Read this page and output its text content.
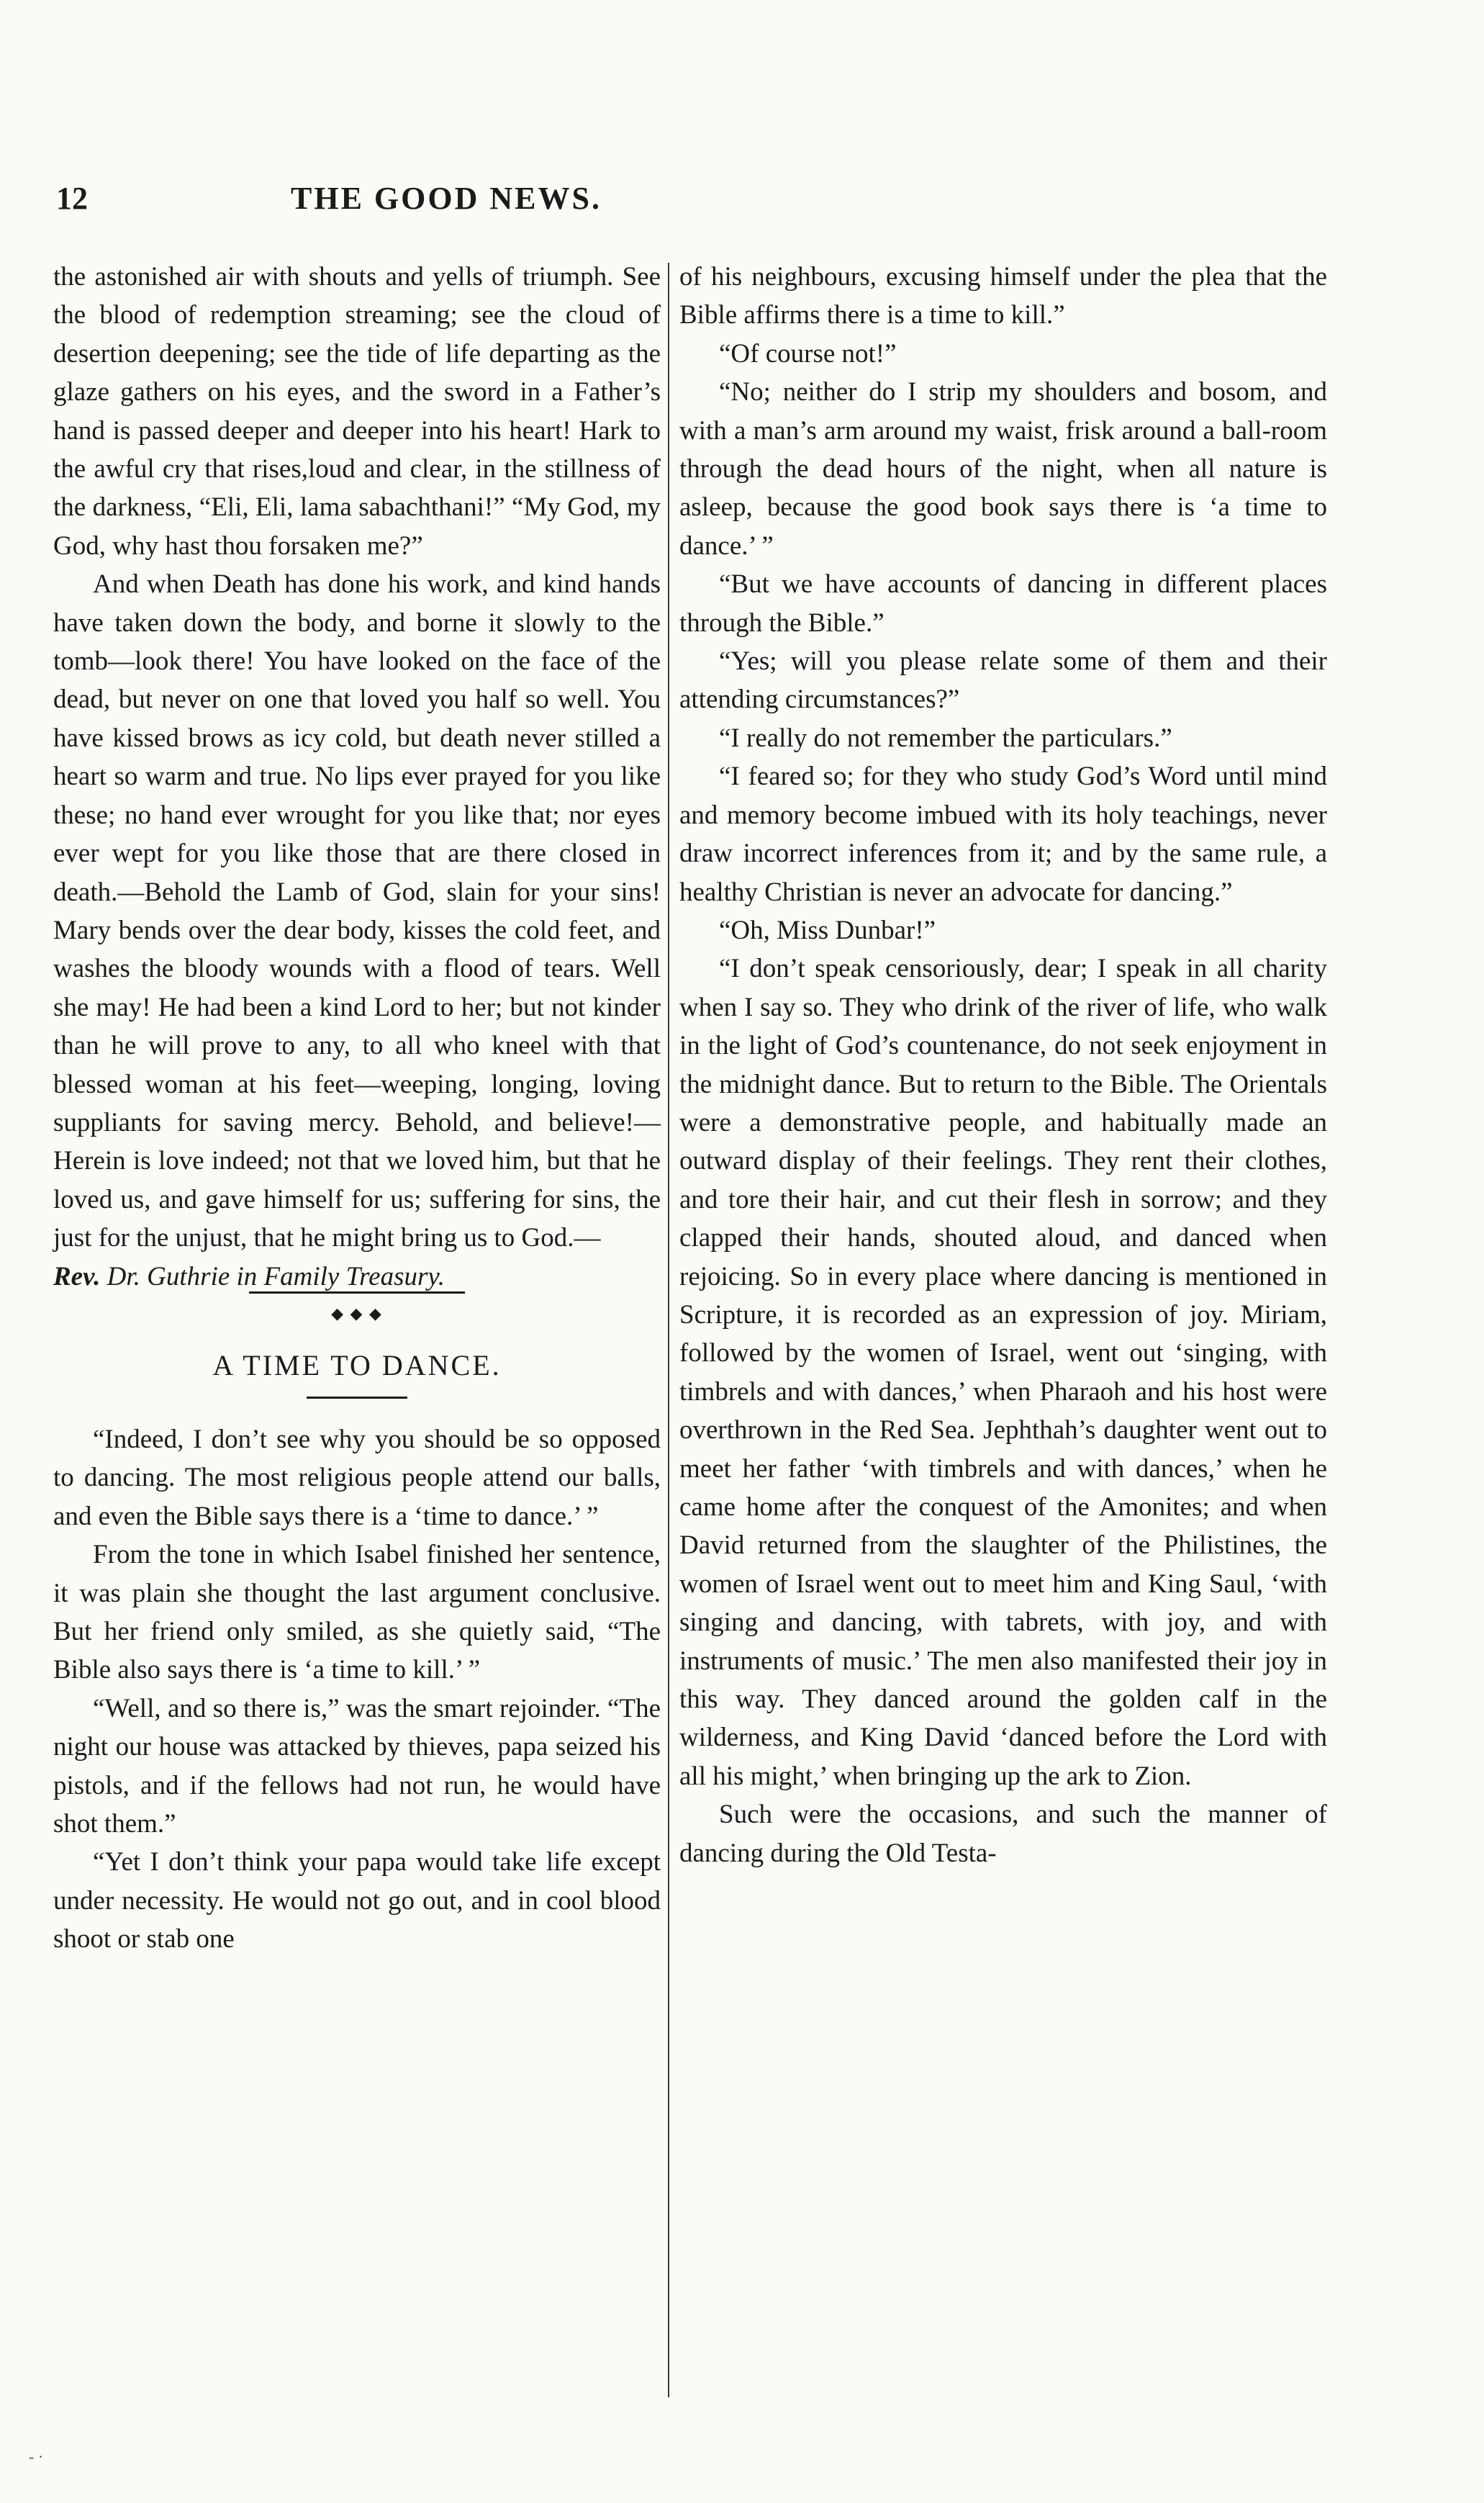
12	THE GOOD NEWS.

the astonished air with shouts and yells of triumph. See the blood of redemption streaming; see the cloud of desertion deepening; see the tide of life departing as the glaze gathers on his eyes, and the sword in a Father’s hand is passed deeper and deeper into his heart! Hark to the awful cry that rises,loud and clear, in the stillness of the darkness, “Eli, Eli, lama sabachthani!” “My God, my God, why hast thou forsaken me?”

And when Death has done his work, and kind hands have taken down the body, and borne it slowly to the tomb—look there! You have looked on the face of the dead, but never on one that loved you half so well. You have kissed brows as icy cold, but death never stilled a heart so warm and true. No lips ever prayed for you like these; no hand ever wrought for you like that; nor eyes ever wept for you like those that are there closed in death.—Behold the Lamb of God, slain for your sins! Mary bends over the dear body, kisses the cold feet, and washes the bloody wounds with a flood of tears. Well she may! He had been a kind Lord to her; but not kinder than he will prove to any, to all who kneel with that blessed woman at his feet—weeping, longing, loving suppliants for saving mercy. Behold, and believe!—Herein is love indeed; not that we loved him, but that he loved us, and gave himself for us; suffering for sins, the just for the unjust, that he might bring us to God.—

Rev. Dr. Guthrie in Family Treasury.

◆ ◆ ◆
A TIME TO DANCE.

“Indeed, I don’t see why you should be so opposed to dancing. The most religious people attend our balls, and even the Bible says there is a ‘time to dance.’ ”

From the tone in which Isabel finished her sentence, it was plain she thought the last argument conclusive. But her friend only smiled, as she quietly said, “The Bible also says there is ‘a time to kill.’ ”

“Well, and so there is,” was the smart rejoinder. “The night our house was attacked by thieves, papa seized his pistols, and if the fellows had not run, he would have shot them.”

“Yet I don’t think your papa would take life except under necessity. He would not go out, and in cool blood shoot or stab one

of his neighbours, excusing himself under the plea that the Bible affirms there is a time to kill.”

“Of course not!”

“No; neither do I strip my shoulders and bosom, and with a man’s arm around my waist, frisk around a ball-room through the dead hours of the night, when all nature is asleep, because the good book says there is ‘a time to dance.’ ”

“But we have accounts of dancing in different places through the Bible.”

“Yes; will you please relate some of them and their attending circumstances?”

“I really do not remember the particulars.”

“I feared so; for they who study God’s Word until mind and memory become imbued with its holy teachings, never draw incorrect inferences from it; and by the same rule, a healthy Christian is never an advocate for dancing.”

“Oh, Miss Dunbar!”

“I don’t speak censoriously, dear; I speak in all charity when I say so. They who drink of the river of life, who walk in the light of God’s countenance, do not seek enjoyment in the midnight dance. But to return to the Bible. The Orientals were a demonstrative people, and habitually made an outward display of their feelings. They rent their clothes, and tore their hair, and cut their flesh in sorrow; and they clapped their hands, shouted aloud, and danced when rejoicing. So in every place where dancing is mentioned in Scripture, it is recorded as an expression of joy. Miriam, followed by the women of Israel, went out ‘singing, with timbrels and with dances,’ when Pharaoh and his host were overthrown in the Red Sea. Jephthah’s daughter went out to meet her father ‘with timbrels and with dances,’ when he came home after the conquest of the Amonites; and when David returned from the slaughter of the Philistines, the women of Israel went out to meet him and King Saul, ‘with singing and dancing, with tabrets, with joy, and with instruments of music.’ The men also manifested their joy in this way. They danced around the golden calf in the wilderness, and King David ‘danced before the Lord with all his might,’ when bringing up the ark to Zion.

Such were the occasions, and such the manner of dancing during the Old Testa-

- ·
